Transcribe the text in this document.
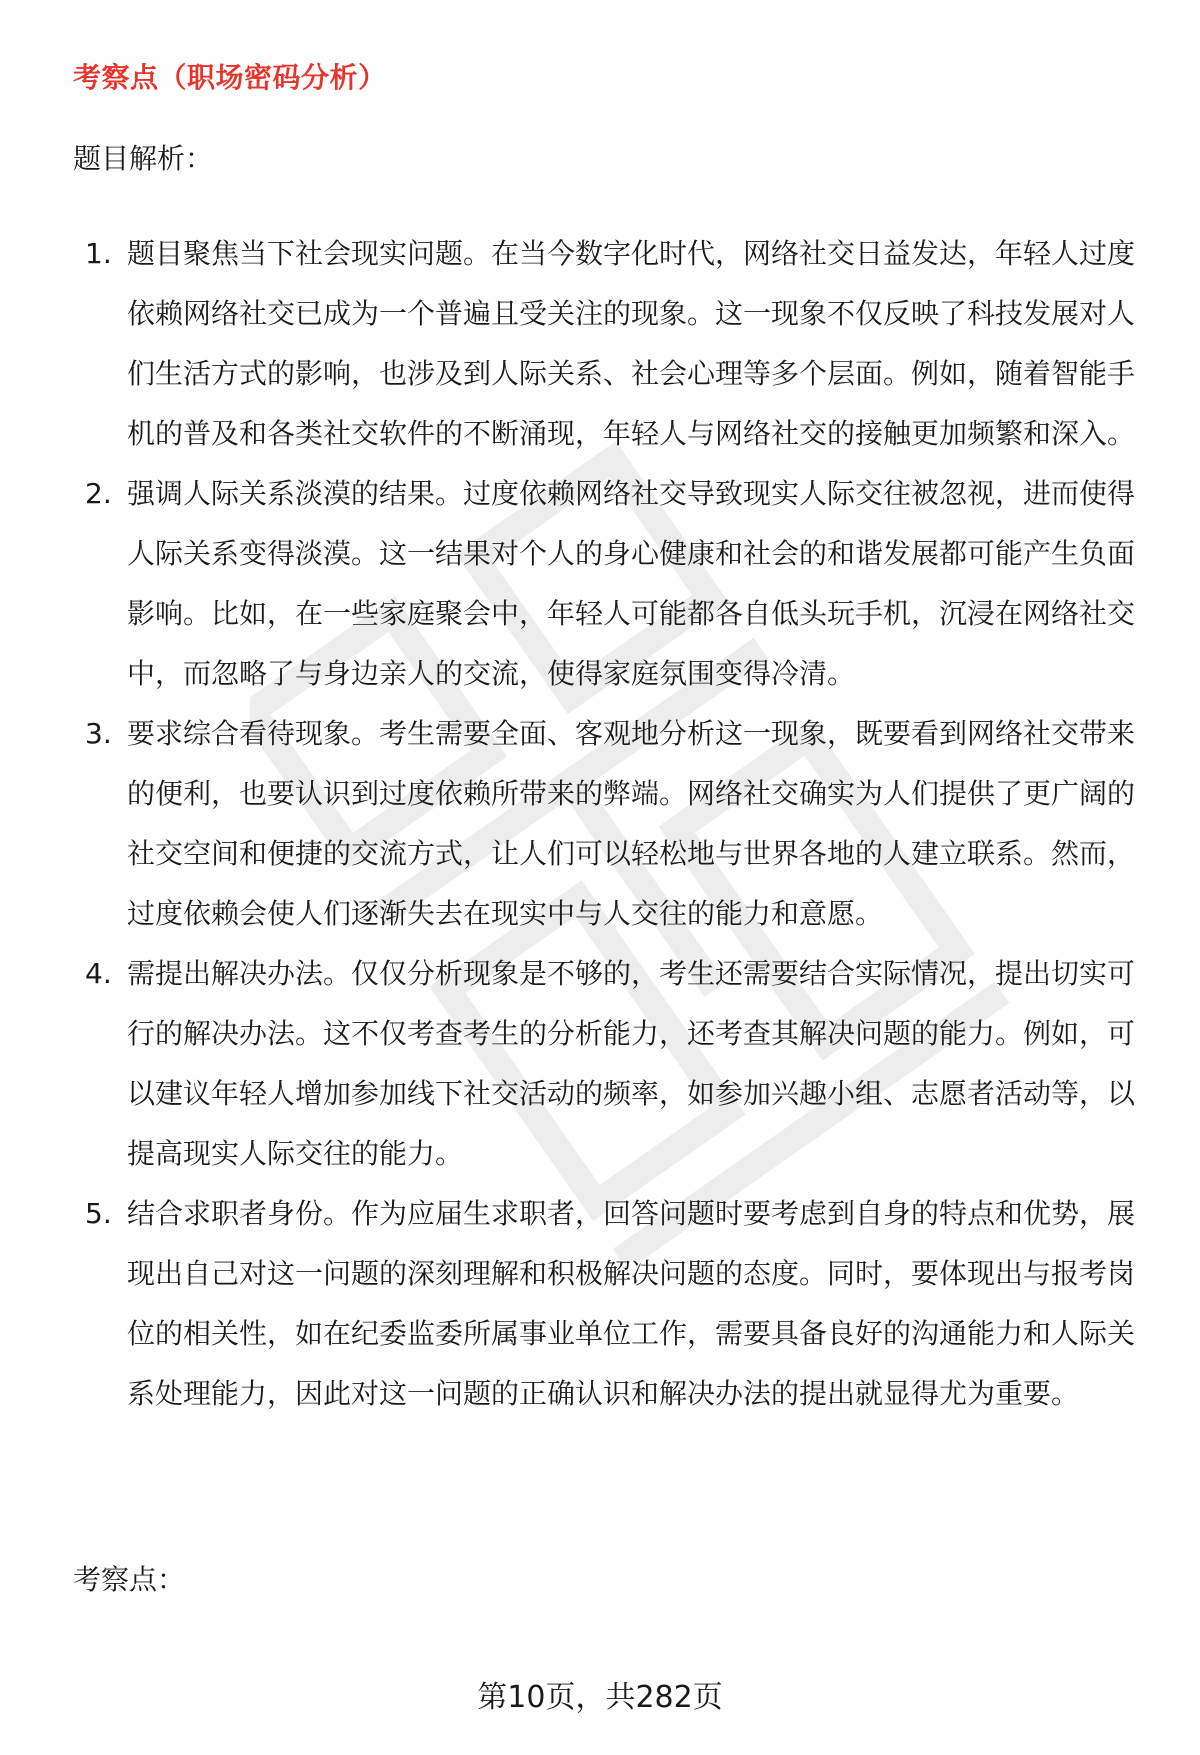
考察点（职场密码分析）
题目解析：
1. 题目聚焦当下社会现实问题。在当今数字化时代，网络社交日益发达，年轻人过度依赖网络社交已成为一个普遍且受关注的现象。这一现象不仅反映了科技发展对人们生活方式的影响，也涉及到人际关系、社会心理等多个层面。例如，随着智能手机的普及和各类社交软件的不断涌现，年轻人与网络社交的接触更加频繁和深入。
2. 强调人际关系淡漠的结果。过度依赖网络社交导致现实人际交往被忽视，进而使得人际关系变得淡漠。这一结果对个人的身心健康和社会的和谐发展都可能产生负面影响。比如，在一些家庭聚会中，年轻人可能都各自低头玩手机，沉浸在网络社交中，而忽略了与身边亲人的交流，使得家庭氛围变得冷清。
3. 要求综合看待现象。考生需要全面、客观地分析这一现象，既要看到网络社交带来的便利，也要认识到过度依赖所带来的弊端。网络社交确实为人们提供了更广阔的社交空间和便捷的交流方式，让人们可以轻松地与世界各地的人建立联系。然而，过度依赖会使人们逐渐失去在现实中与人交往的能力和意愿。
4. 需提出解决办法。仅仅分析现象是不够的，考生还需要结合实际情况，提出切实可行的解决办法。这不仅考查考生的分析能力，还考查其解决问题的能力。例如，可以建议年轻人增加参加线下社交活动的频率，如参加兴趣小组、志愿者活动等，以提高现实人际交往的能力。
5. 结合求职者身份。作为应届生求职者，回答问题时要考虑到自身的特点和优势，展现出自己对这一问题的深刻理解和积极解决问题的态度。同时，要体现出与报考岗位的相关性，如在纪委监委所属事业单位工作，需要具备良好的沟通能力和人际关系处理能力，因此对这一问题的正确认识和解决办法的提出就显得尤为重要。
考察点：
第10页，共282页
